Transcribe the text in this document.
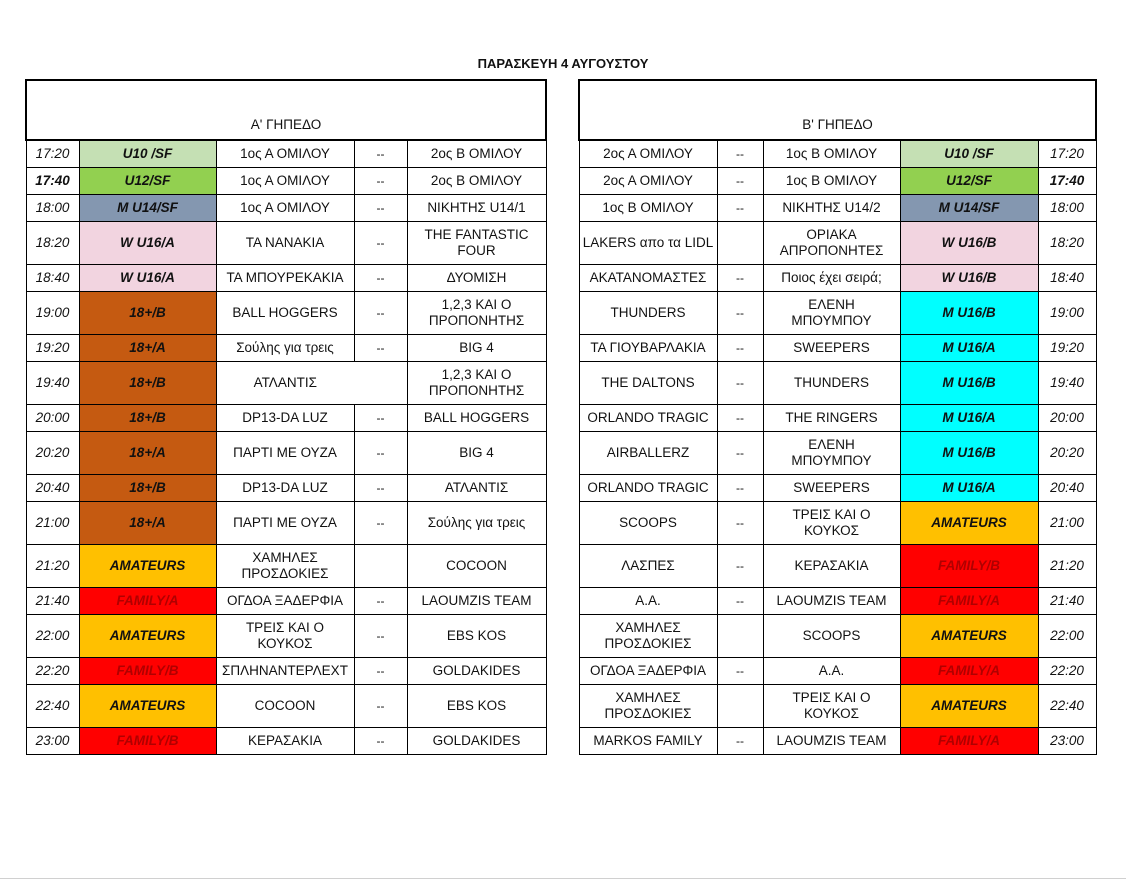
ΠΑΡΑΣΚΕΥΗ 4 ΑΥΓΟΥΣΤΟΥ
Α' ΓΗΠΕΔΟ						Β' ΓΗΠΕΔΟ				
17:20	U10 /SF	1ος Α ΟΜΙΛΟΥ	--	2ος Β ΟΜΙΛΟΥ		2ος Α ΟΜΙΛΟΥ	--	1ος Β ΟΜΙΛΟΥ	U10 /SF	17:20
17:40	U12/SF	1ος Α ΟΜΙΛΟΥ	--	2ος Β ΟΜΙΛΟΥ		2ος Α ΟΜΙΛΟΥ	--	1ος Β ΟΜΙΛΟΥ	U12/SF	17:40
18:00	M U14/SF	1ος Α ΟΜΙΛΟΥ	--	ΝΙΚΗΤΗΣ U14/1		1ος Β ΟΜΙΛΟΥ	--	ΝΙΚΗΤΗΣ U14/2	M U14/SF	18:00
18:20	W U16/A	ΤΑ ΝΑΝΑΚΙΑ	--	THE FANTASTIC FOUR		LAKERS απο τα LIDL		ΟΡΙΑΚΑ ΑΠΡΟΠΟΝΗΤΕΣ	W U16/B	18:20
18:40	W U16/A	ΤΑ ΜΠΟΥΡΕΚΑΚΙΑ	--	ΔΥΟΜΙΣΗ		ΑΚΑΤΑΝΟΜΑΣΤΕΣ	--	Ποιος έχει σειρά;	W U16/B	18:40
19:00	18+/B	BALL HOGGERS	--	1,2,3 ΚΑΙ Ο ΠΡΟΠΟΝΗΤΗΣ		THUNDERS	--	ΕΛΕΝΗ ΜΠΟΥΜΠΟΥ	M U16/B	19:00
19:20	18+/A	Σούλης για τρεις	--	BIG 4		ΤΑ ΓΙΟΥΒΑΡΛΑΚΙΑ	--	SWEEPERS	M U16/A	19:20
19:40	18+/B	ΑΤΛΑΝΤΙΣ		1,2,3 ΚΑΙ Ο ΠΡΟΠΟΝΗΤΗΣ		THE DALTONS	--	THUNDERS	M U16/B	19:40
20:00	18+/B	DP13-DA LUZ	--	BALL HOGGERS		ORLANDO TRAGIC	--	THE RINGERS	M U16/A	20:00
20:20	18+/A	ΠΑΡΤΙ ΜΕ ΟΥΖΑ	--	BIG 4		AIRBALLERZ	--	ΕΛΕΝΗ ΜΠΟΥΜΠΟΥ	M U16/B	20:20
20:40	18+/B	DP13-DA LUZ	--	ΑΤΛΑΝΤΙΣ		ORLANDO TRAGIC	--	SWEEPERS	M U16/A	20:40
21:00	18+/A	ΠΑΡΤΙ ΜΕ ΟΥΖΑ	--	Σούλης για τρεις		SCOOPS	--	ΤΡΕΙΣ ΚΑΙ Ο ΚΟΥΚΟΣ	AMATEURS	21:00
21:20	AMATEURS	ΧΑΜΗΛΕΣ ΠΡΟΣΔΟΚΙΕΣ		COCOON		ΛΑΣΠΕΣ	--	ΚΕΡΑΣΑΚΙΑ	FAMILY/B	21:20
21:40	FAMILY/A	ΟΓΔΟΑ ΞΑΔΕΡΦΙΑ	--	LAOUMZIS TEAM		Α.Α.	--	LAOUMZIS TEAM	FAMILY/A	21:40
22:00	AMATEURS	ΤΡΕΙΣ ΚΑΙ Ο ΚΟΥΚΟΣ	--	EBS KOS		ΧΑΜΗΛΕΣ ΠΡΟΣΔΟΚΙΕΣ		SCOOPS	AMATEURS	22:00
22:20	FAMILY/B	ΣΠΛΗΝΑΝΤΕΡΛΕΧΤ	--	GOLDAKIDES		ΟΓΔΟΑ ΞΑΔΕΡΦΙΑ	--	Α.Α.	FAMILY/A	22:20
22:40	AMATEURS	COCOON	--	EBS KOS		ΧΑΜΗΛΕΣ ΠΡΟΣΔΟΚΙΕΣ		ΤΡΕΙΣ ΚΑΙ Ο ΚΟΥΚΟΣ	AMATEURS	22:40
23:00	FAMILY/B	ΚΕΡΑΣΑΚΙΑ	--	GOLDAKIDES		MARKOS FAMILY	--	LAOUMZIS TEAM	FAMILY/A	23:00
